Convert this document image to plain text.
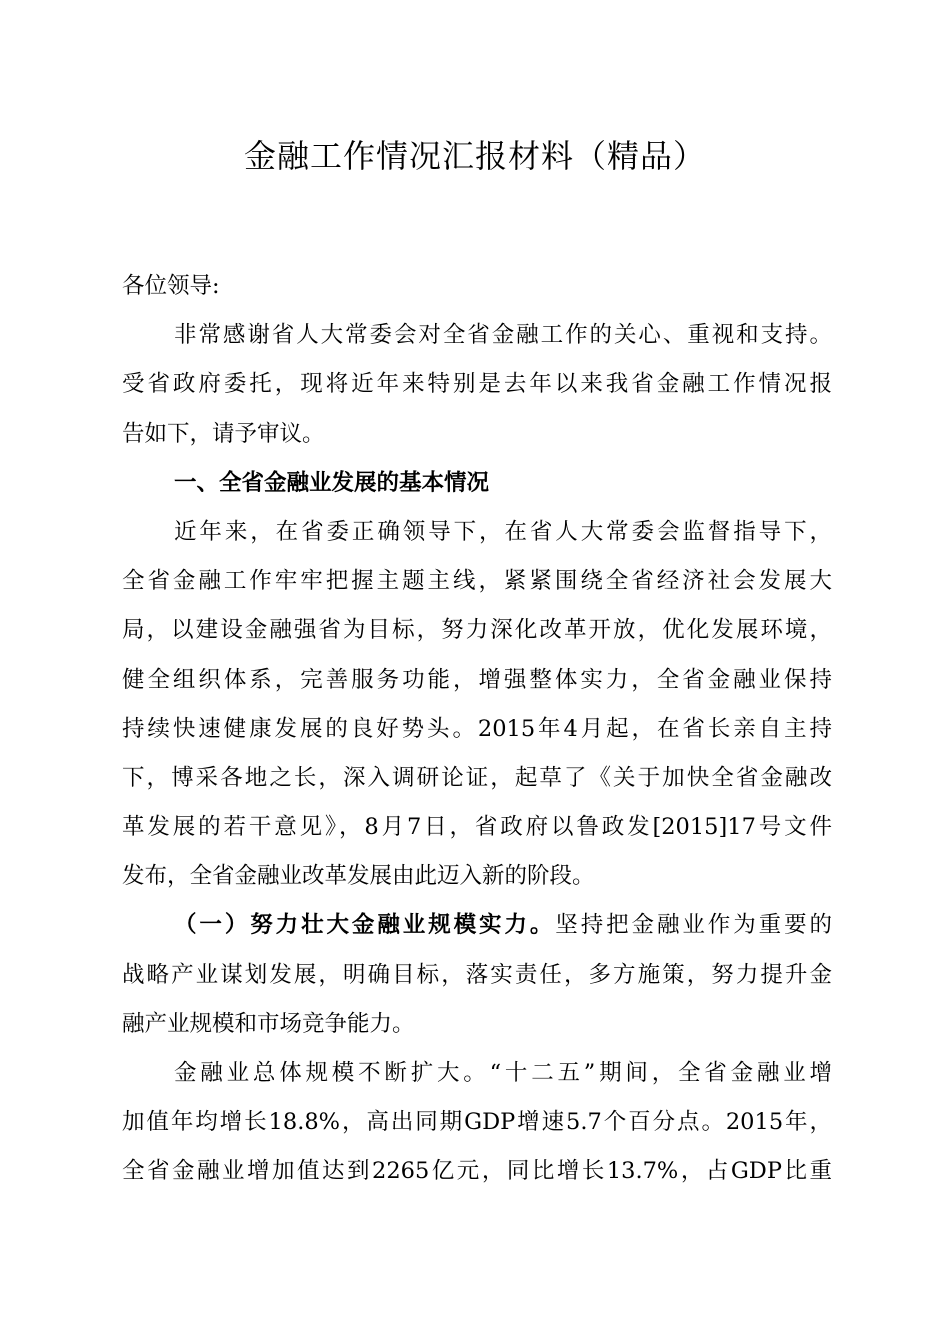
金融工作情况汇报材料（精品）
各位领导:
非常感谢省人大常委会对全省金融工作的关心、重视和支持。
受省政府委托，现将近年来特别是去年以来我省金融工作情况报
告如下，请予审议。
一、全省金融业发展的基本情况
近年来，在省委正确领导下，在省人大常委会监督指导下，
全省金融工作牢牢把握主题主线，紧紧围绕全省经济社会发展大
局，以建设金融强省为目标，努力深化改革开放，优化发展环境，
健全组织体系，完善服务功能，增强整体实力，全省金融业保持
持续快速健康发展的良好势头。2015年4月起，在省长亲自主持
下，博采各地之长，深入调研论证，起草了《关于加快全省金融改
革发展的若干意见》，8月7日，省政府以鲁政发[2015]17号文件
发布，全省金融业改革发展由此迈入新的阶段。
（一）努力壮大金融业规模实力。坚持把金融业作为重要的
战略产业谋划发展，明确目标，落实责任，多方施策，努力提升金
融产业规模和市场竞争能力。
金融业总体规模不断扩大。“十二五”期间，全省金融业增
加值年均增长18.8%，高出同期GDP增速5.7个百分点。2015年，
全省金融业增加值达到2265亿元，同比增长13.7%，占GDP比重
